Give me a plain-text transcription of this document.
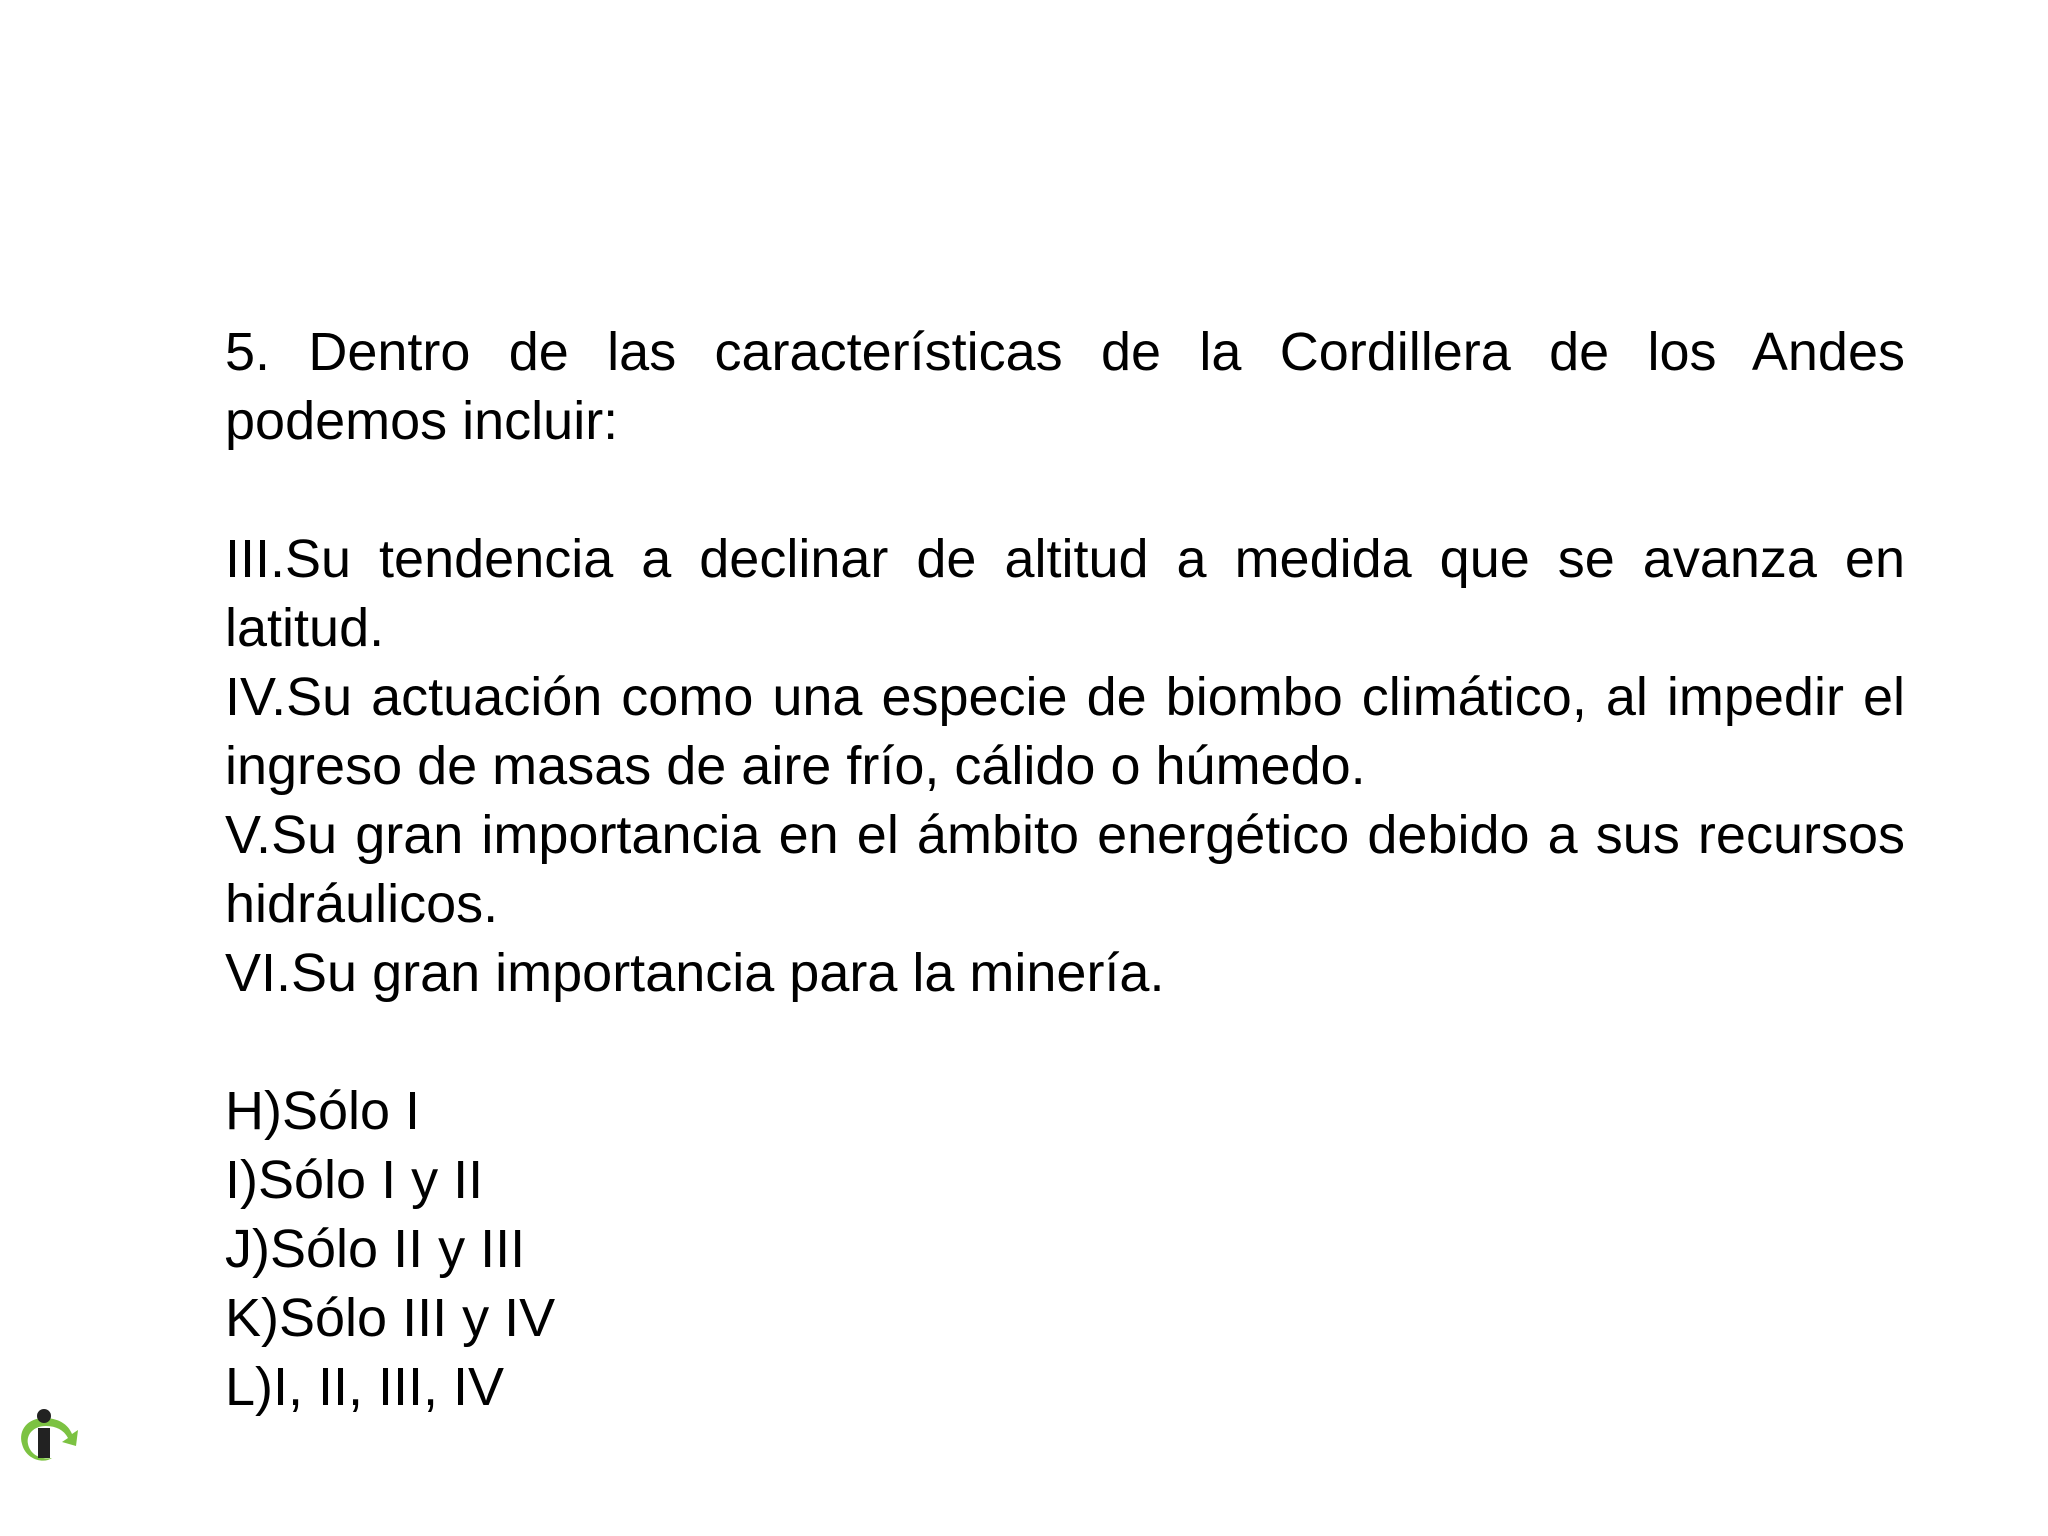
5. Dentro de las características de la Cordillera de los Andes podemos incluir:

III.Su tendencia a declinar de altitud a medida que se avanza en latitud.

IV.Su actuación como una especie de biombo climático, al impedir el ingreso de masas de aire frío, cálido o húmedo.

V.Su gran importancia en el ámbito energético debido a sus recursos hidráulicos.

VI.Su gran importancia para la minería.

H)Sólo I

I)Sólo I y II

J)Sólo II y III

K)Sólo III y IV

L)I, II, III, IV
